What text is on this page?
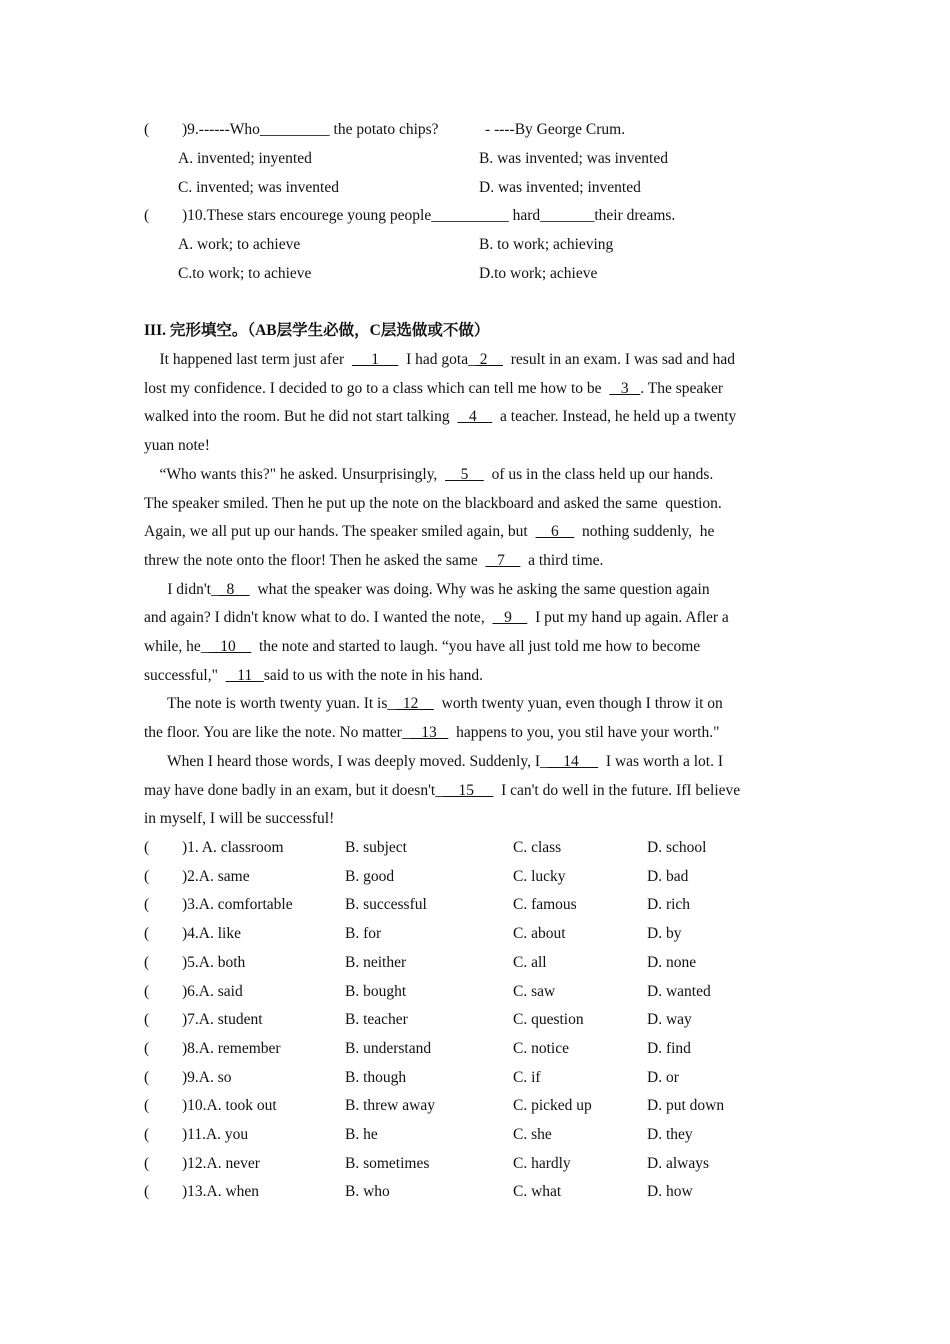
( )9.------Who_________ the potato chips?            - ----By George Crum.
A. invented; inyented	B. was invented; was invented
C. invented; was invented	D. was invented; invented
( )10.These stars encourege young people__________ hard_______their dreams.
A. work; to achieve	B. to work; achieving
C.to work; to achieve	D.to work; achieve
III. 完形填空。（AB层学生必做，C层选做或不做）
It happened last term just afer       1       I had gota_ 2      result in an exam. I was sad and had
lost my confidence. I decided to go to a class which can tell me how to be     3   . The speaker
walked into the room. But he did not start talking     4      a teacher. Instead, he held up a twenty
yuan note!
“Who wants this?" he asked. Unsurprisingly,      5      of us in the class held up our hands.
The speaker smiled. Then he put up the note on the blackboard and asked the same  question.
Again, we all put up our hands. The speaker smiled again, but      6      nothing suddenly,  he
threw the note onto the floor! Then he asked the same     7      a third time.
I didn't_  8      what the speaker was doing. Why was he asking the same question again
and again? I didn't know what to do. I wanted the note,     9      I put my hand up again. Afler a
while, he_   10      the note and started to laugh. “you have all just told me how to become
successful,"     11   said to us with the note in his hand.
The note is worth twenty yuan. It is_  12      worth twenty yuan, even though I throw it on
the floor. You are like the note. No matter_   13     happens to you, you stil have your worth."
When I heard those words, I was deeply moved. Suddenly, I_    14       I was worth a lot. I
may have done badly in an exam, but it doesn't_    15       I can't do well in the future. IfI believe
in myself, I will be successful!
( )1. A. classroom	B. subject	C. class	D. school
( )2.A. same	B. good	C. lucky	D. bad
( )3.A. comfortable	B. successful	C. famous	D. rich
( )4.A. like	B. for	C. about	D. by
( )5.A. both	B. neither	C. all	D. none
( )6.A. said	B. bought	C. saw	D. wanted
( )7.A. student	B. teacher	C. question	D. way
( )8.A. remember	B. understand	C. notice	D. find
( )9.A. so	B. though	C. if	D. or
( )10.A. took out	B. threw away	C. picked up	D. put down
( )11.A. you	B. he	C. she	D. they
( )12.A. never	B. sometimes	C. hardly	D. always
( )13.A. when	B. who	C. what	D. how
